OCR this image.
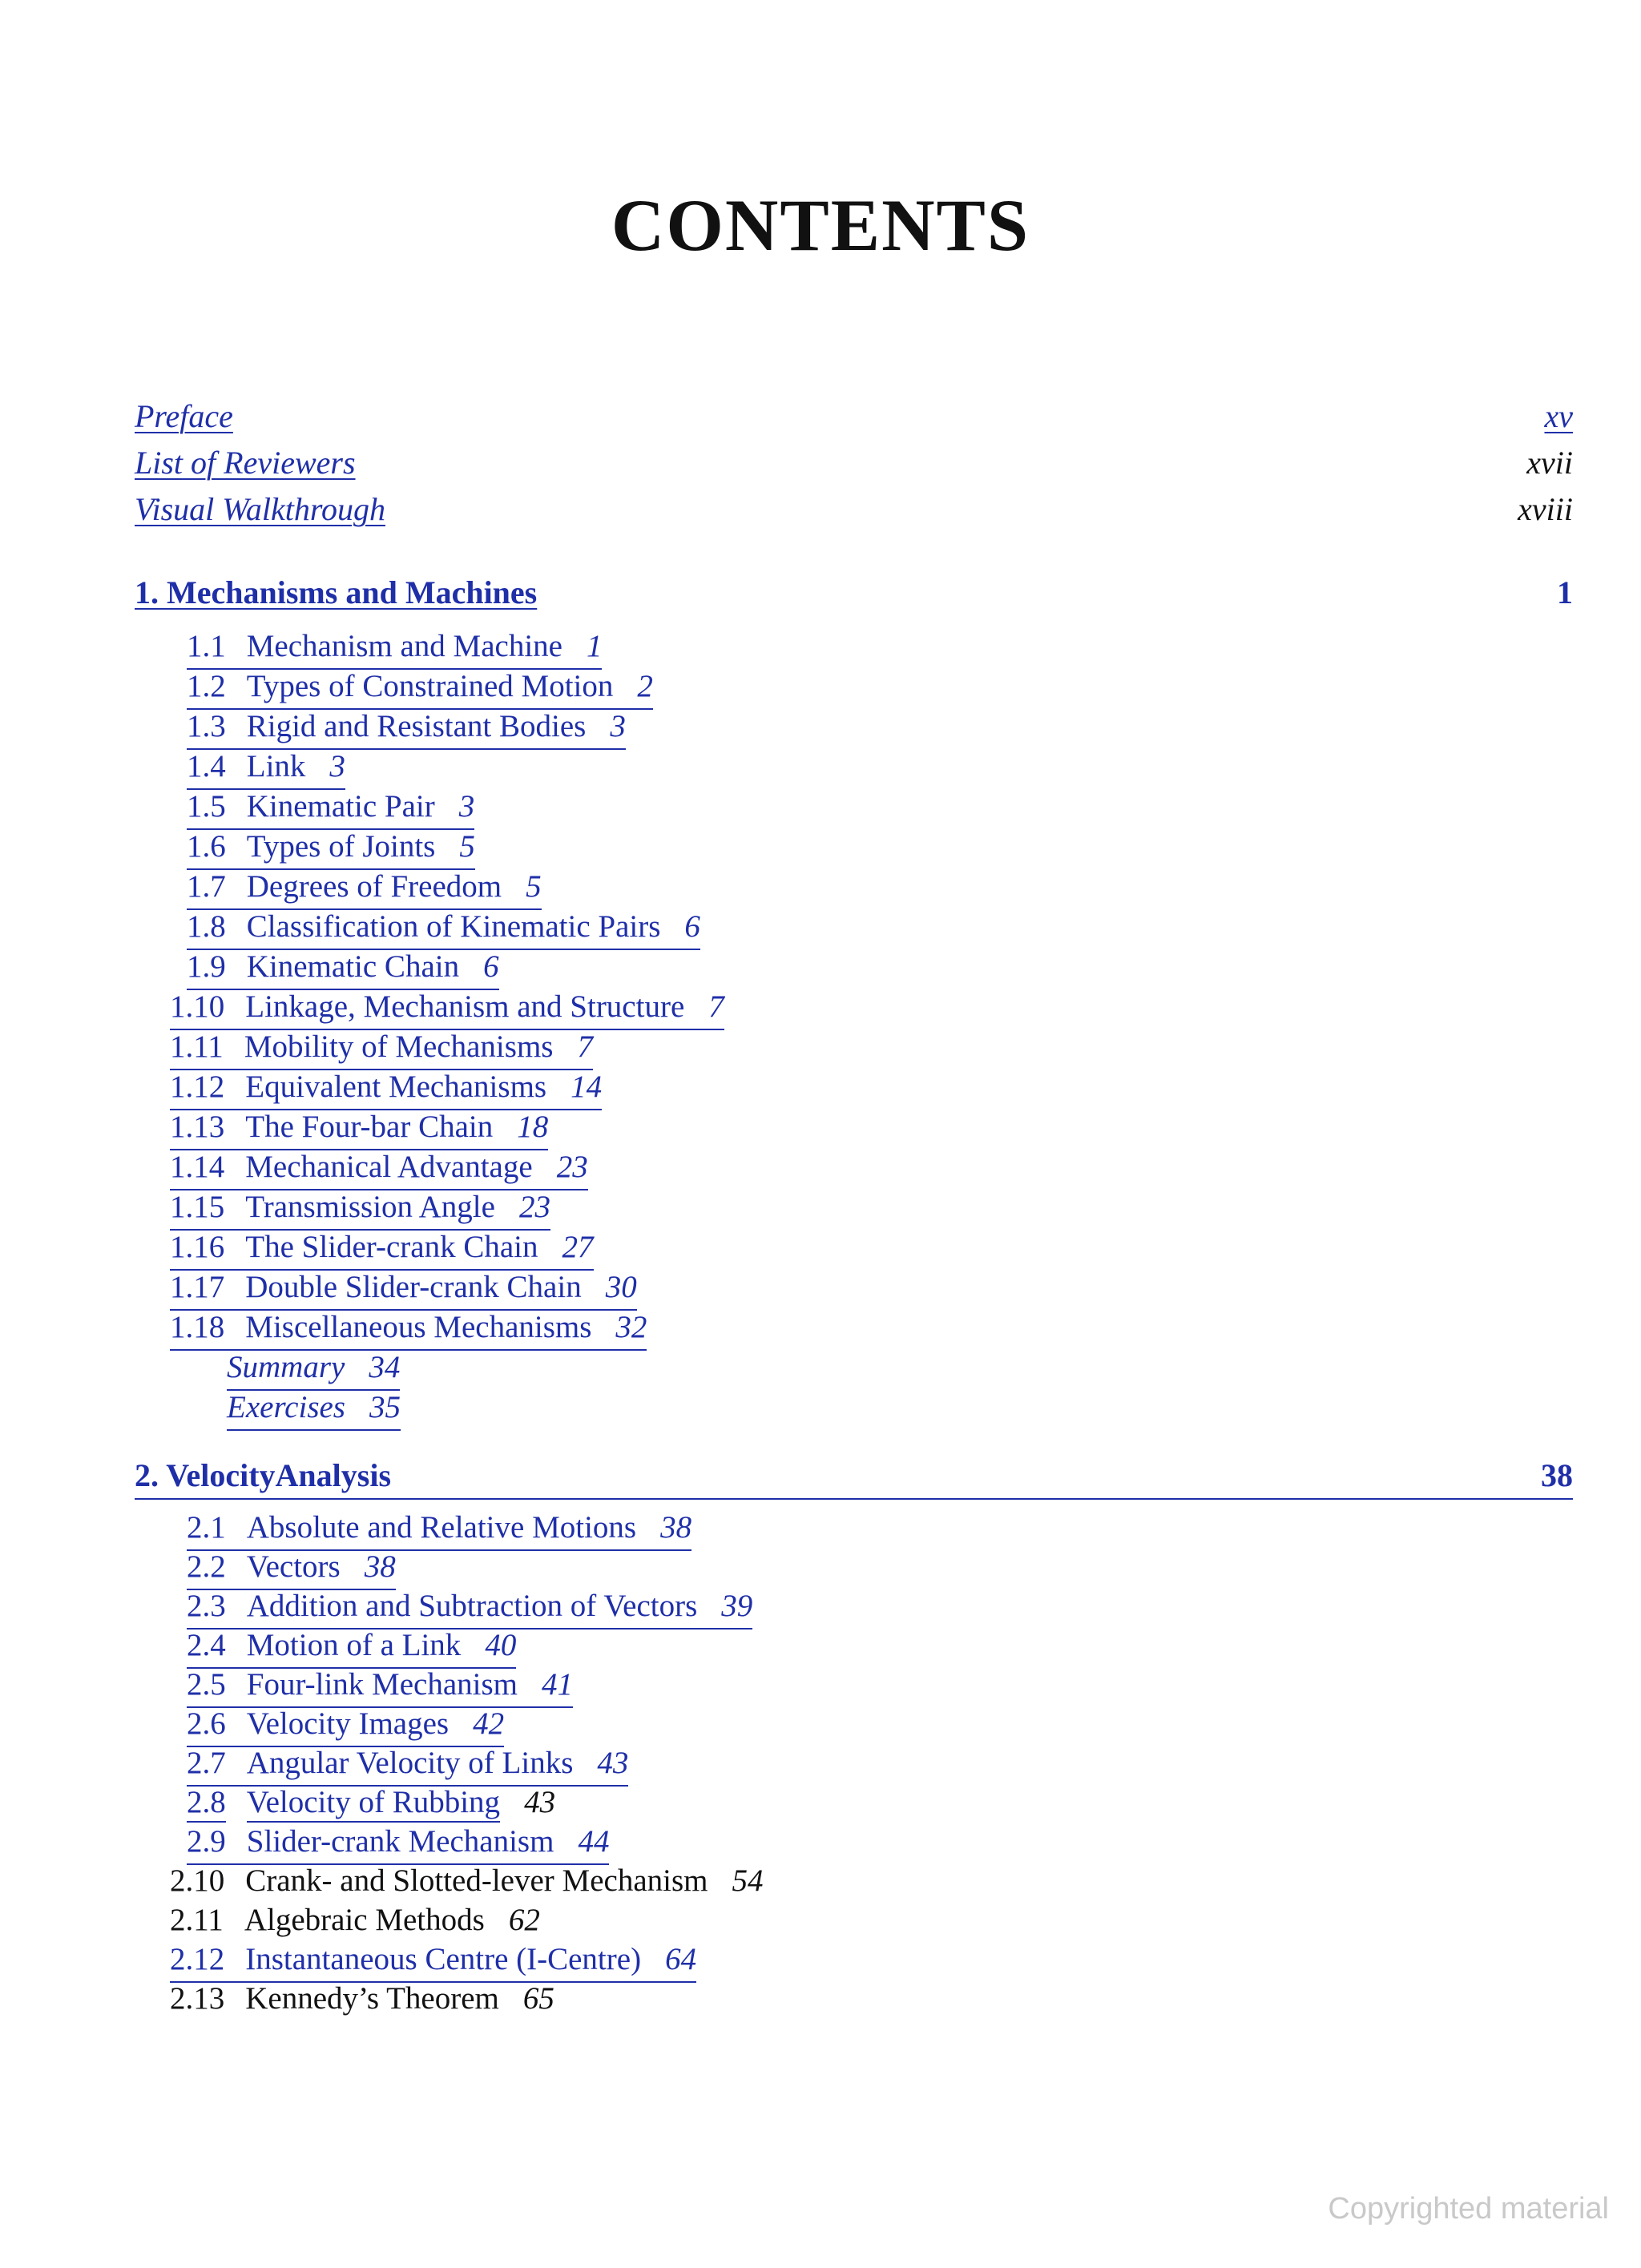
CONTENTS
Preface	xv
List of Reviewers	xvii
Visual Walkthrough	xviii
1. Mechanisms and Machines	1
1.1 Mechanism and Machine 1
1.2 Types of Constrained Motion 2
1.3 Rigid and Resistant Bodies 3
1.4 Link 3
1.5 Kinematic Pair 3
1.6 Types of Joints 5
1.7 Degrees of Freedom 5
1.8 Classification of Kinematic Pairs 6
1.9 Kinematic Chain 6
1.10 Linkage, Mechanism and Structure 7
1.11 Mobility of Mechanisms 7
1.12 Equivalent Mechanisms 14
1.13 The Four-bar Chain 18
1.14 Mechanical Advantage 23
1.15 Transmission Angle 23
1.16 The Slider-crank Chain 27
1.17 Double Slider-crank Chain 30
1.18 Miscellaneous Mechanisms 32
Summary 34
Exercises 35
2. VelocityAnalysis	38
2.1 Absolute and Relative Motions 38
2.2 Vectors 38
2.3 Addition and Subtraction of Vectors 39
2.4 Motion of a Link 40
2.5 Four-link Mechanism 41
2.6 Velocity Images 42
2.7 Angular Velocity of Links 43
2.8 Velocity of Rubbing 43
2.9 Slider-crank Mechanism 44
2.10 Crank- and Slotted-lever Mechanism 54
2.11 Algebraic Methods 62
2.12 Instantaneous Centre (I-Centre) 64
2.13 Kennedy’s Theorem 65
Copyrighted material
